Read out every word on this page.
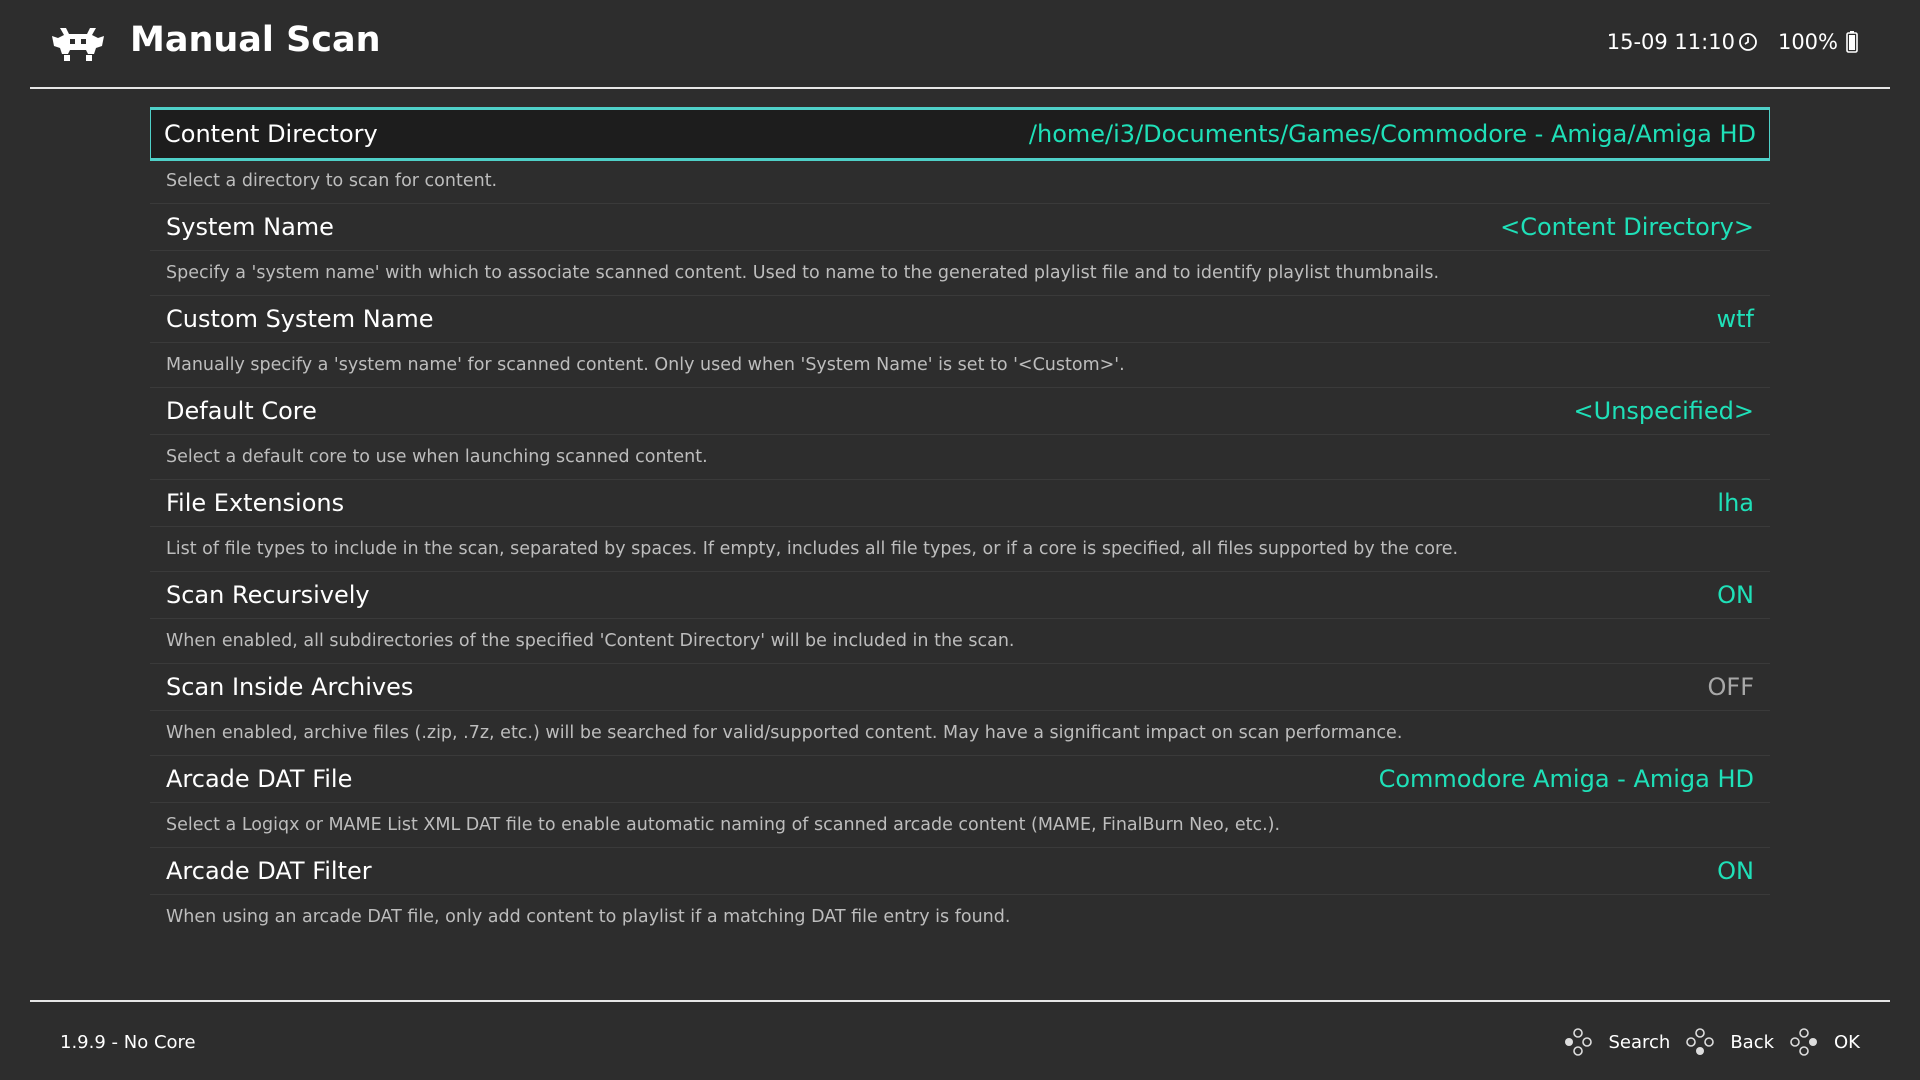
Manual Scan	15-09 11:10 100%
Content Directory	/home/i3/Documents/Games/Commodore - Amiga/Amiga HD
Select a directory to scan for content.
System Name	<Content Directory>
Specify a 'system name' with which to associate scanned content. Used to name to the generated playlist file and to identify playlist thumbnails.
Custom System Name	wtf
Manually specify a 'system name' for scanned content. Only used when 'System Name' is set to '<Custom>'.
Default Core	<Unspecified>
Select a default core to use when launching scanned content.
File Extensions	lha
List of file types to include in the scan, separated by spaces. If empty, includes all file types, or if a core is specified, all files supported by the core.
Scan Recursively	ON
When enabled, all subdirectories of the specified 'Content Directory' will be included in the scan.
Scan Inside Archives	OFF
When enabled, archive files (.zip, .7z, etc.) will be searched for valid/supported content. May have a significant impact on scan performance.
Arcade DAT File	Commodore Amiga - Amiga HD
Select a Logiqx or MAME List XML DAT file to enable automatic naming of scanned arcade content (MAME, FinalBurn Neo, etc.).
Arcade DAT Filter	ON
When using an arcade DAT file, only add content to playlist if a matching DAT file entry is found.
1.9.9 - No Core	Search	Back	OK
